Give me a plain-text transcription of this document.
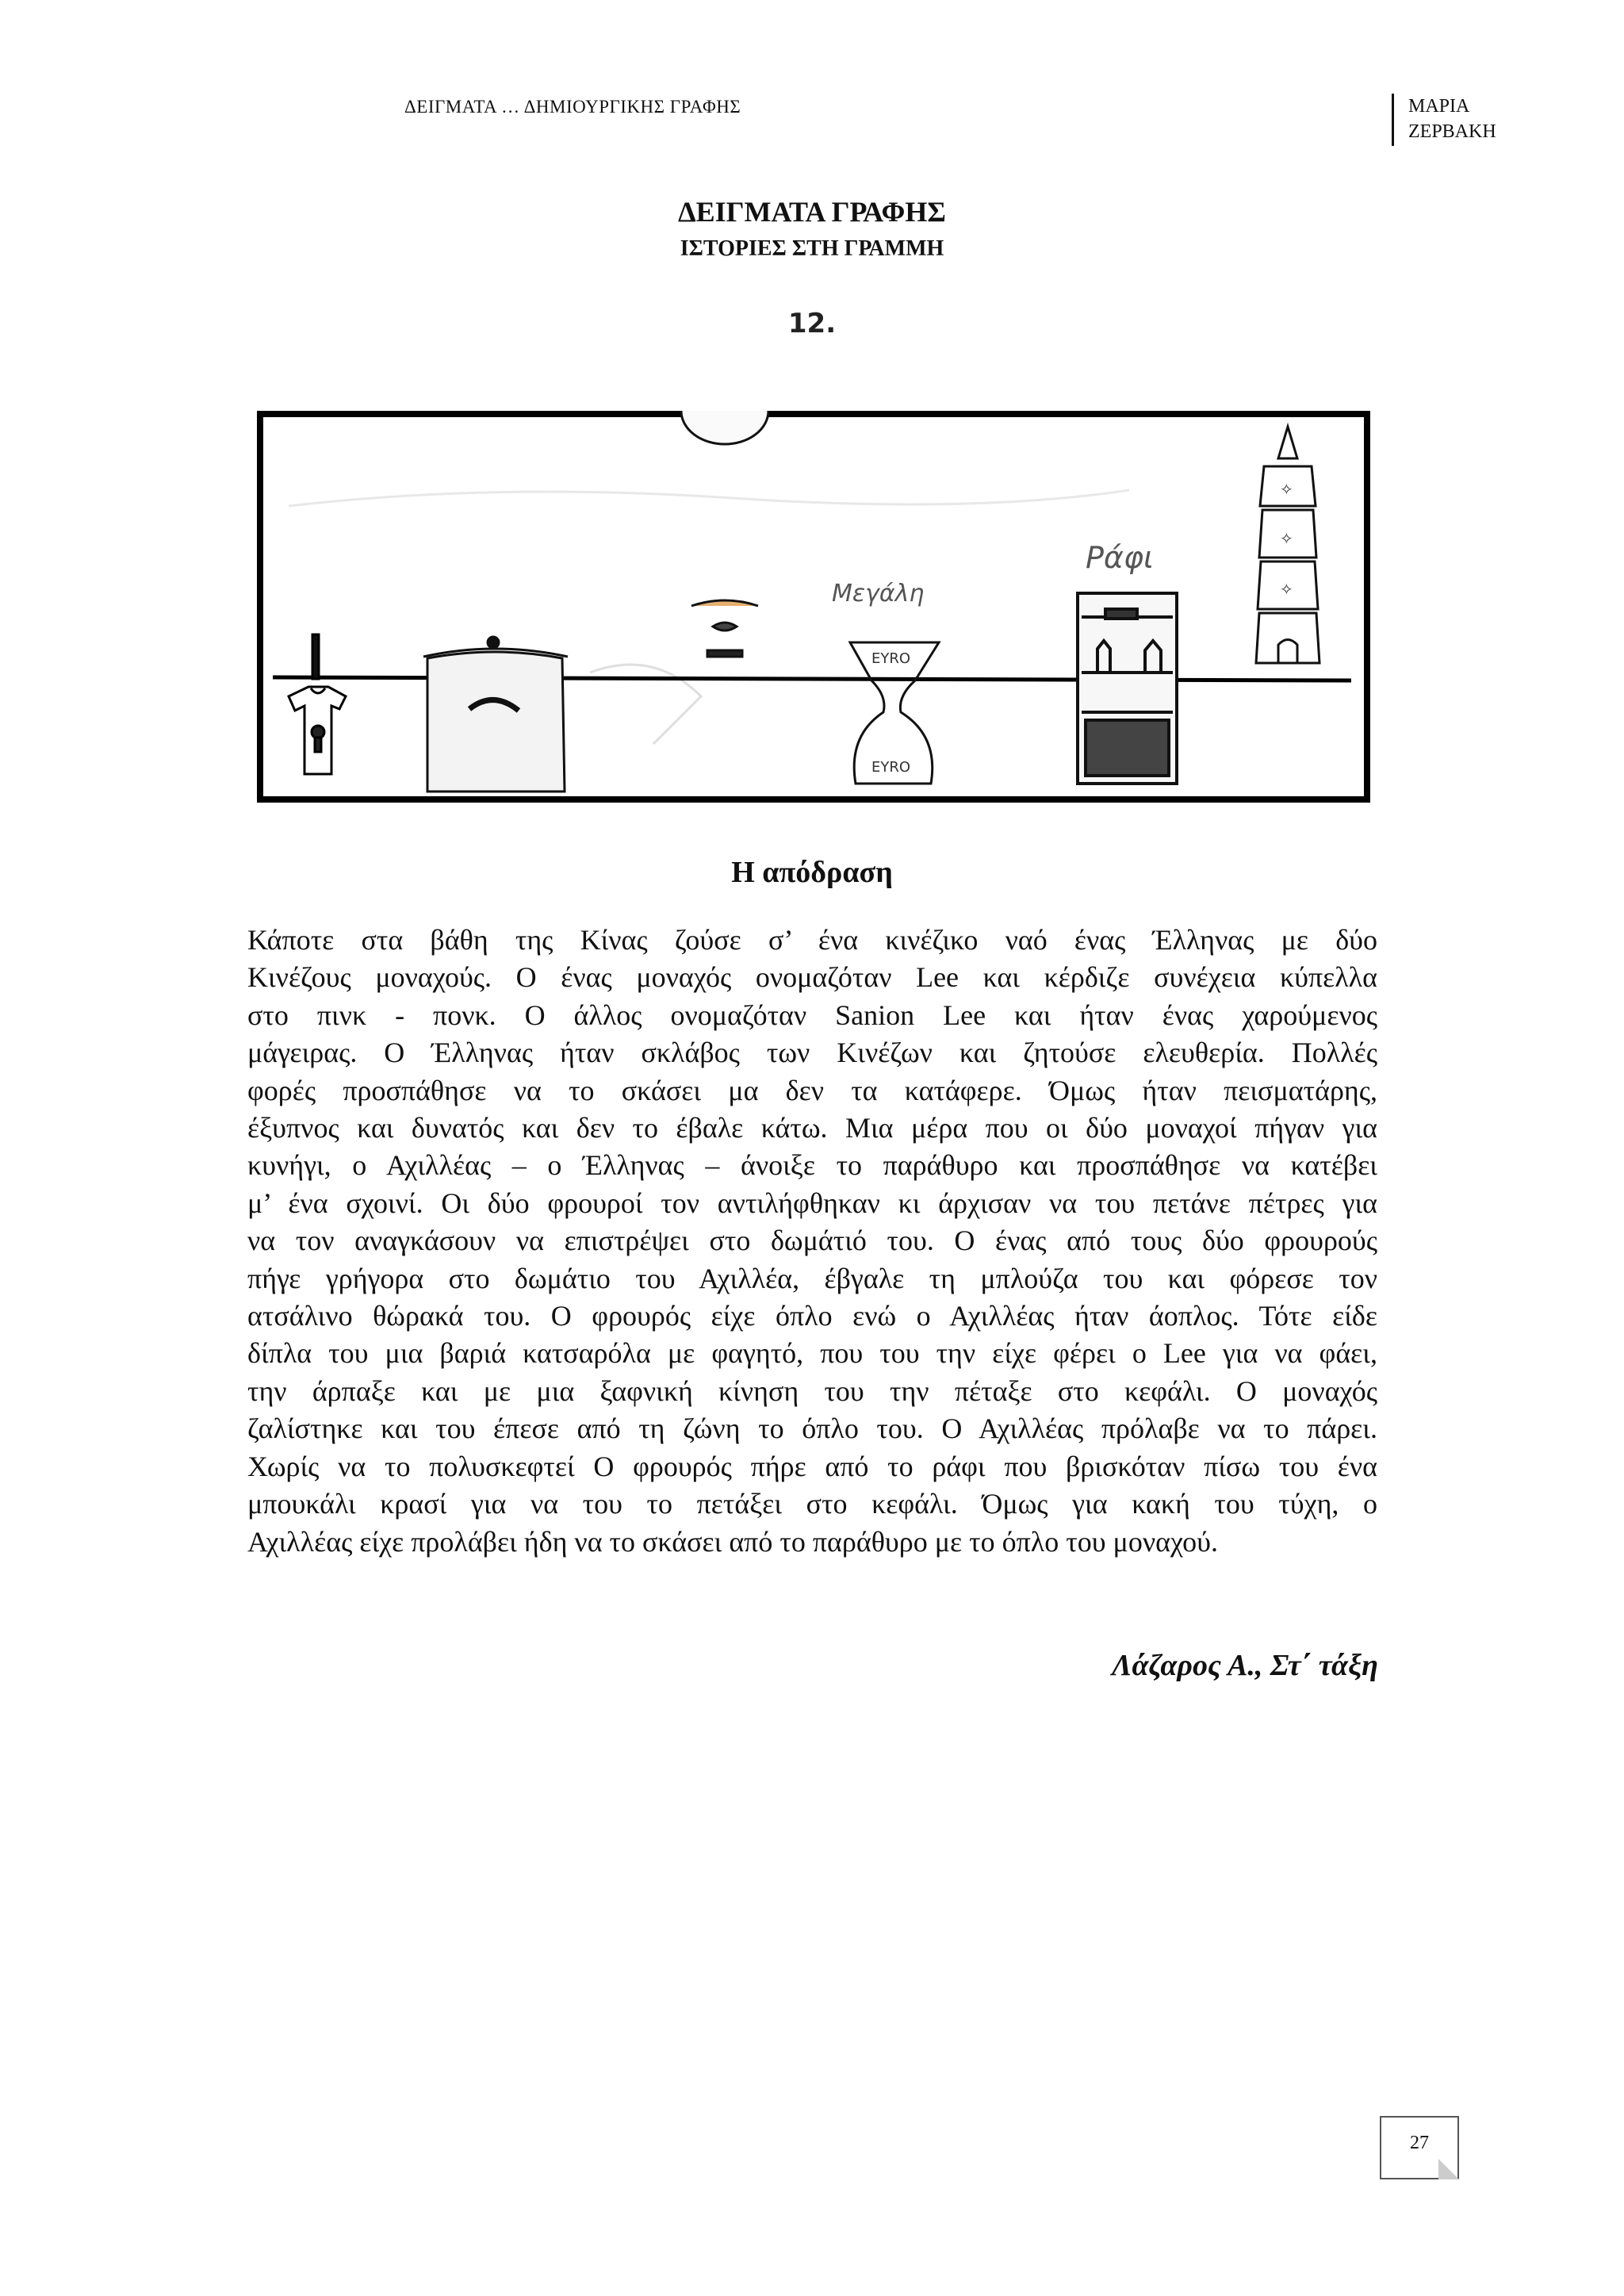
ΔΕΙΓΜΑΤΑ … ΔΗΜΙΟΥΡΓΙΚΗΣ ΓΡΑΦΗΣ	ΜΑΡΙΑ
ΖΕΡΒΑΚΗ
ΔΕΙΓΜΑΤΑ ΓΡΑΦΗΣ
ΙΣΤΟΡΙΕΣ ΣΤΗ ΓΡΑΜΜΗ
12.
Μεγάλη
EYRO
EYRO
Ράφι
✧
✧
✧
Η απόδραση
Κάποτε στα βάθη της Κίνας ζούσε σ’ ένα κινέζικο ναό ένας Έλληνας με δύο
Κινέζους μοναχούς. Ο ένας μοναχός ονομαζόταν Lee και κέρδιζε συνέχεια κύπελλα
στο πινκ - πονκ. Ο άλλος ονομαζόταν Sanion Lee και ήταν ένας χαρούμενος
μάγειρας. Ο Έλληνας ήταν σκλάβος των Κινέζων και ζητούσε ελευθερία. Πολλές
φορές προσπάθησε να το σκάσει μα δεν τα κατάφερε. Όμως ήταν πεισματάρης,
έξυπνος και δυνατός και δεν το έβαλε κάτω. Μια μέρα που οι δύο μοναχοί πήγαν για
κυνήγι, ο Αχιλλέας – ο Έλληνας – άνοιξε το παράθυρο και προσπάθησε να κατέβει
μ’ ένα σχοινί. Οι δύο φρουροί τον αντιλήφθηκαν κι άρχισαν να του πετάνε πέτρες για
να τον αναγκάσουν να επιστρέψει στο δωμάτιό του. Ο ένας από τους δύο φρουρούς
πήγε γρήγορα στο δωμάτιο του Αχιλλέα, έβγαλε τη μπλούζα του και φόρεσε τον
ατσάλινο θώρακά του. Ο φρουρός είχε όπλο ενώ ο Αχιλλέας ήταν άοπλος. Τότε είδε
δίπλα του μια βαριά κατσαρόλα με φαγητό, που του την είχε φέρει ο Lee για να φάει,
την άρπαξε και με μια ξαφνική κίνηση του την πέταξε στο κεφάλι. Ο μοναχός
ζαλίστηκε και του έπεσε από τη ζώνη το όπλο του. Ο Αχιλλέας πρόλαβε να το πάρει.
Χωρίς να το πολυσκεφτεί Ο φρουρός πήρε από το ράφι που βρισκόταν πίσω του ένα
μπουκάλι κρασί για να του το πετάξει στο κεφάλι. Όμως για κακή του τύχη, ο
Αχιλλέας είχε προλάβει ήδη να το σκάσει από το παράθυρο με το όπλο του μοναχού.
Λάζαρος Α., Στ΄ τάξη
27
